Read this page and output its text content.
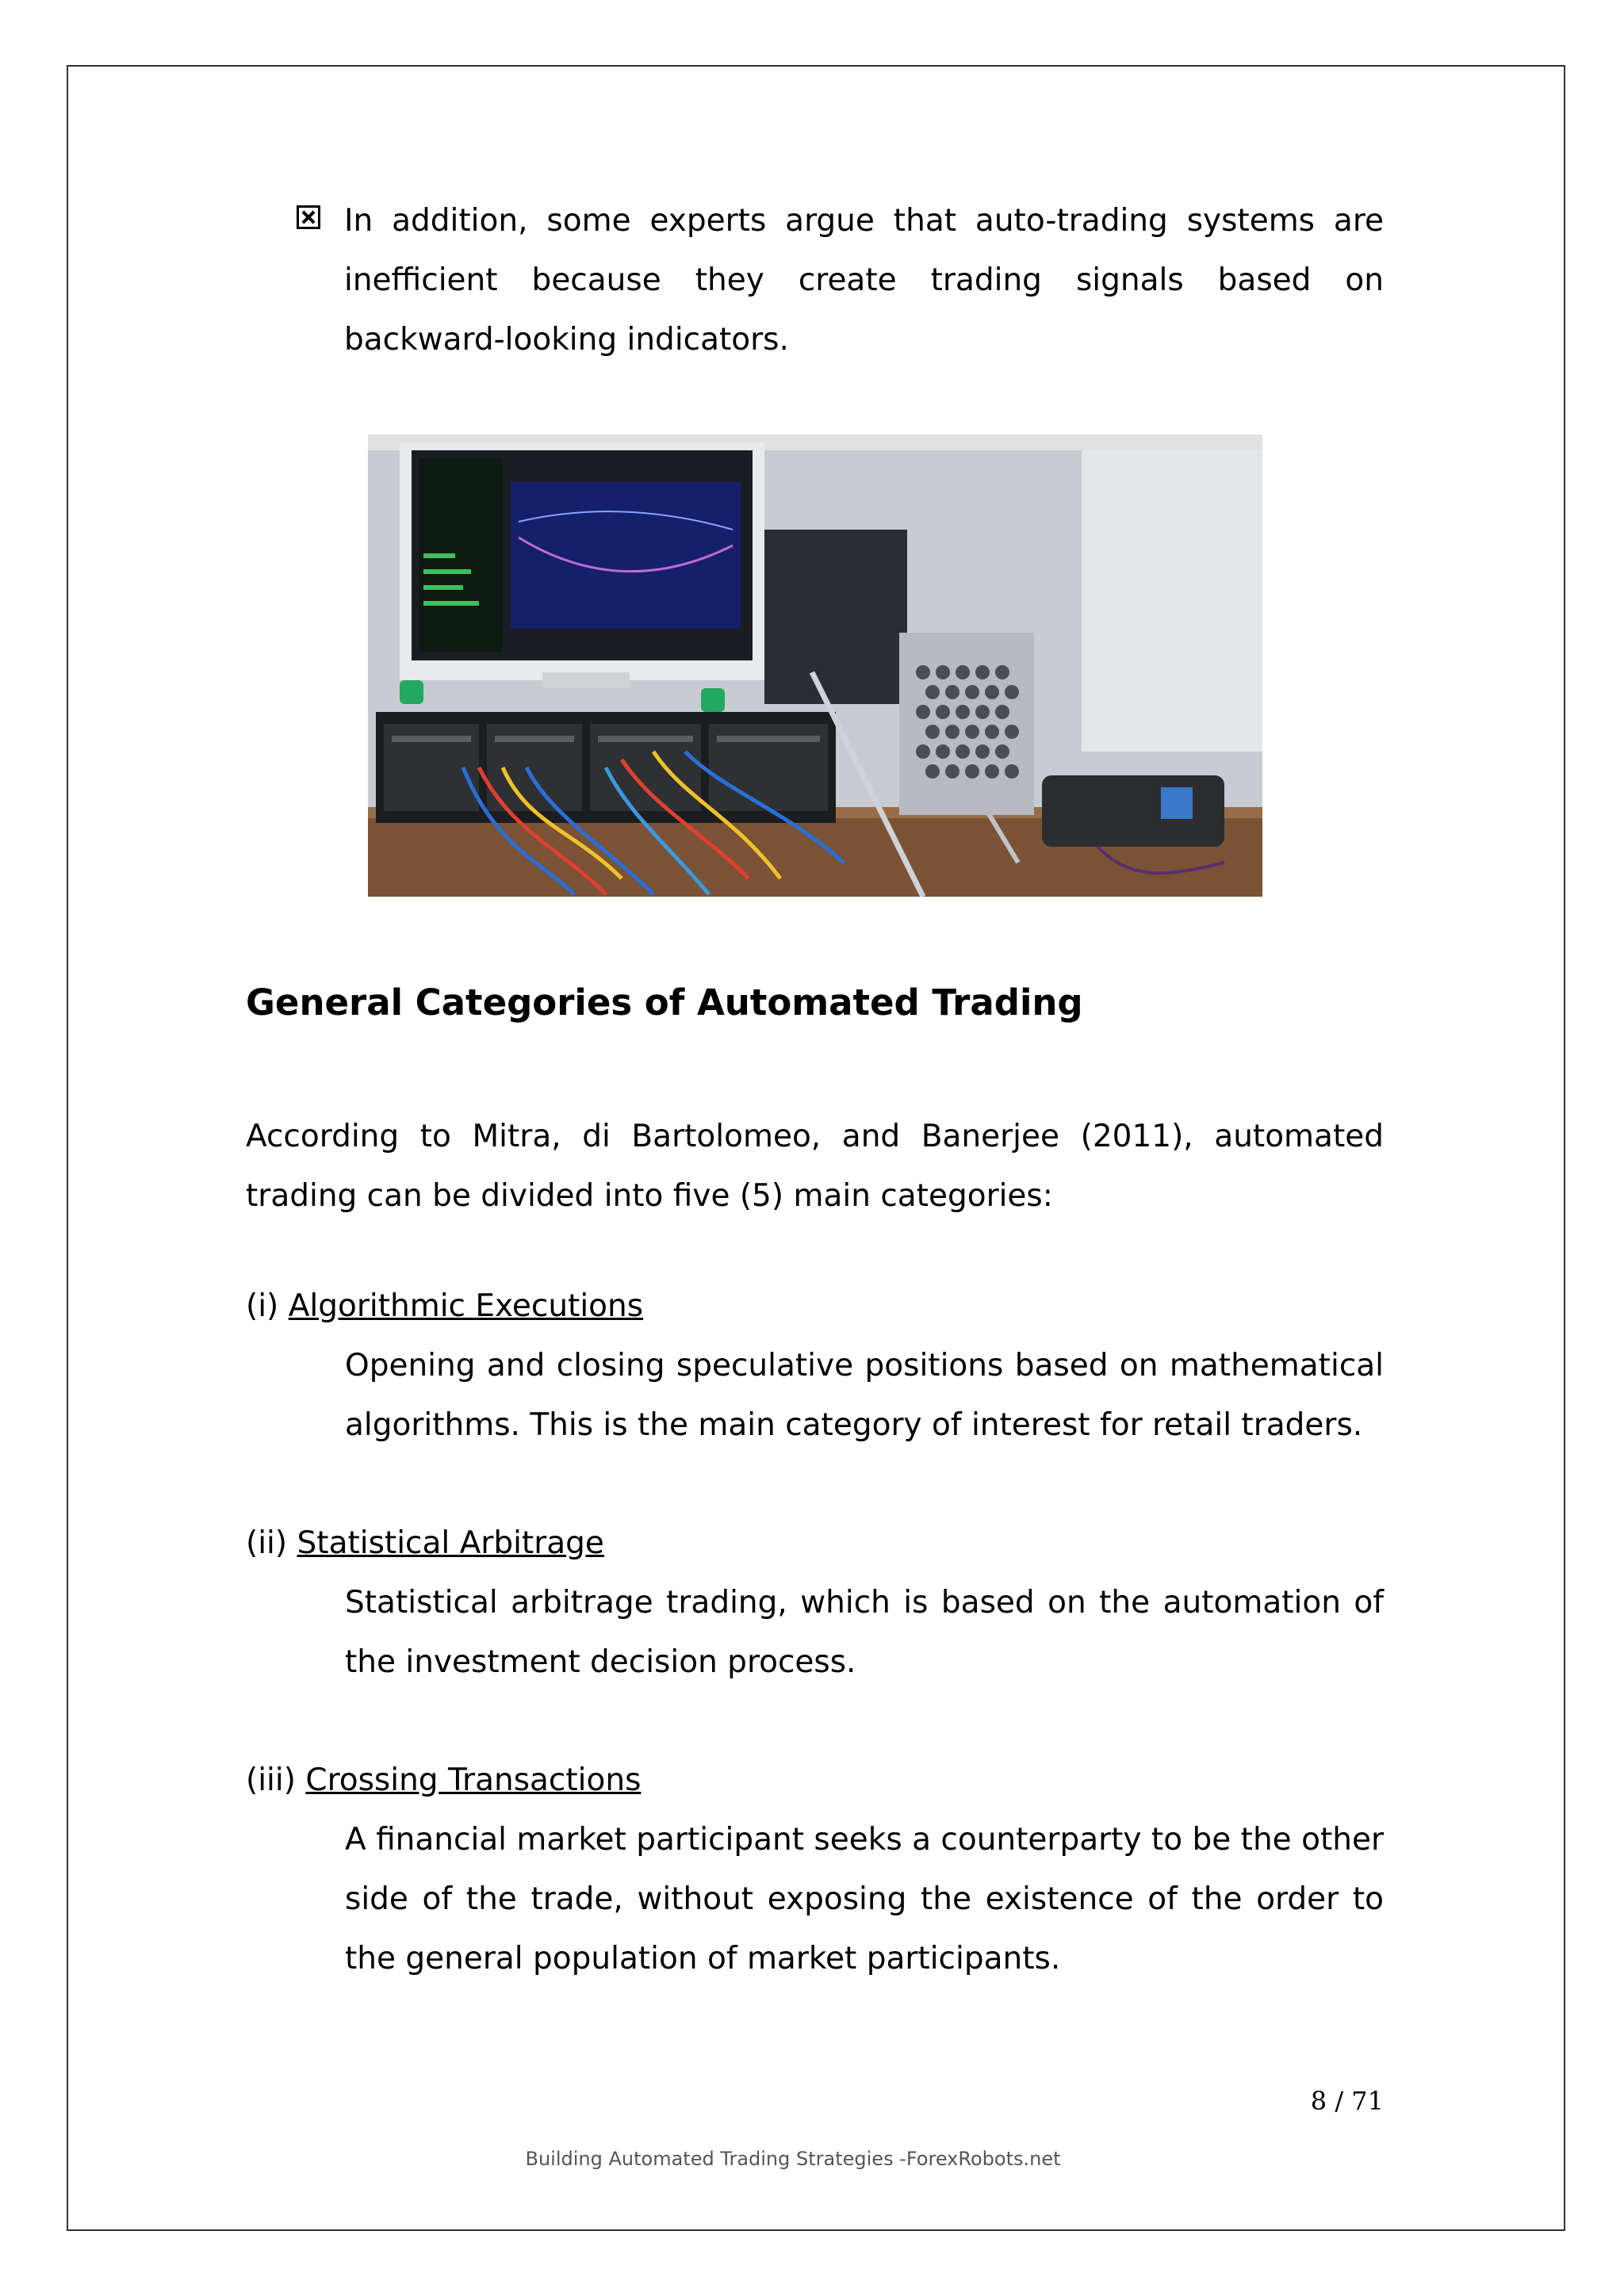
In addition, some experts argue that auto-trading systems are inefficient because they create trading signals based on backward-looking indicators.

General Categories of Automated Trading

According to Mitra, di Bartolomeo, and Banerjee (2011), automated trading can be divided into five (5) main categories:

(i) Algorithmic Executions

Opening and closing speculative positions based on mathematical algorithms. This is the main category of interest for retail traders.

(ii) Statistical Arbitrage

Statistical arbitrage trading, which is based on the automation of the investment decision process.

(iii) Crossing Transactions

A financial market participant seeks a counterparty to be the other side of the trade, without exposing the existence of the order to the general population of market participants.

8 / 71
Building Automated Trading Strategies -ForexRobots.net
